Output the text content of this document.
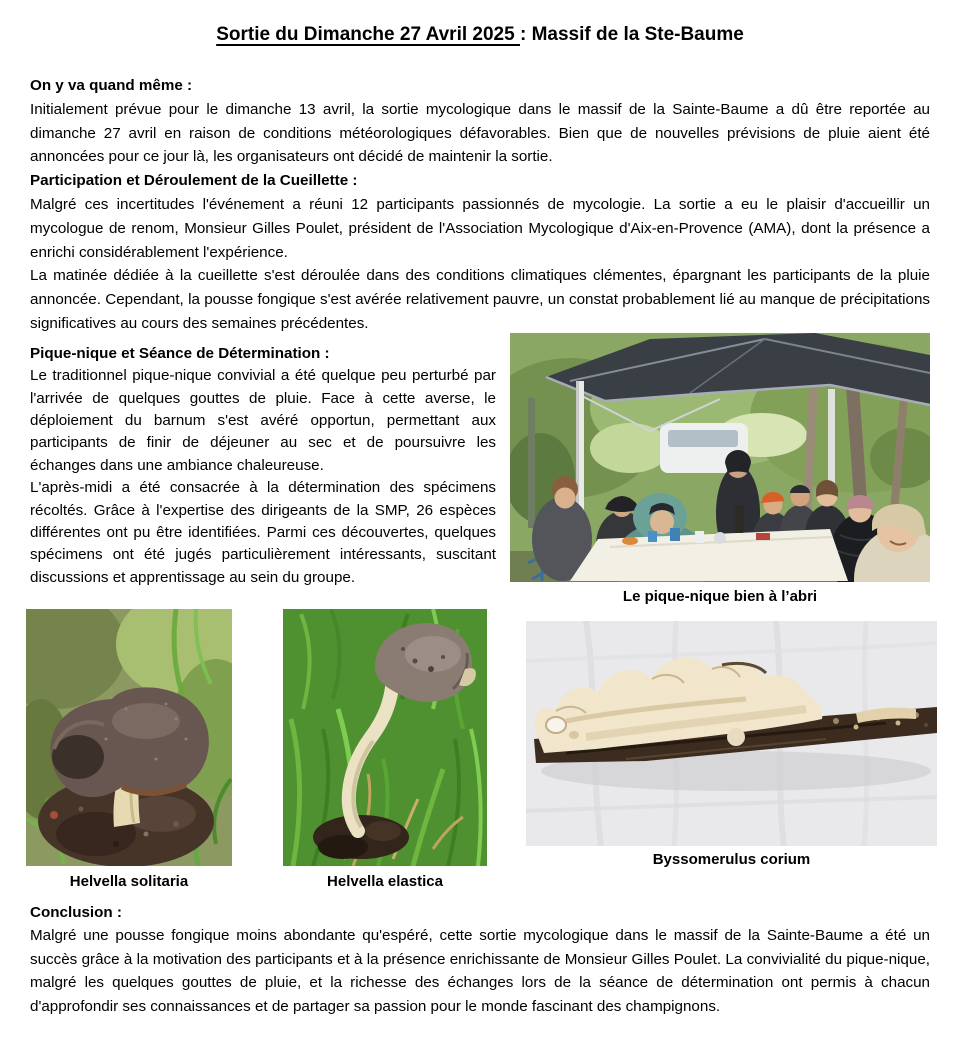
Sortie du Dimanche 27 Avril 2025 : Massif de la Ste-Baume
On y va quand même :

Initialement prévue pour le dimanche 13 avril, la sortie mycologique dans le massif de la Sainte-Baume a dû être reportée au dimanche 27 avril en raison de conditions météorologiques défavorables. Bien que de nouvelles prévisions de pluie aient été annoncées pour ce jour là, les organisateurs ont décidé de maintenir la sortie.

Participation et Déroulement de la Cueillette :

Malgré ces incertitudes l'événement a réuni 12 participants passionnés de mycologie. La sortie a eu le plaisir d'accueillir un mycologue de renom, Monsieur Gilles Poulet, président de l'Association Mycologique d'Aix-en-Provence (AMA), dont la présence a enrichi considérablement l'expérience.

La matinée dédiée à la cueillette s'est déroulée dans des conditions climatiques clémentes, épargnant les participants de la pluie annoncée. Cependant, la pousse fongique s'est avérée relativement pauvre, un constat probablement lié au manque de précipitations significatives au cours des semaines précédentes.

Le pique-nique bien à l’abri
Pique-nique et Séance de Détermination :

Le traditionnel pique-nique convivial a été quelque peu perturbé par l'arrivée de quelques gouttes de pluie. Face à cette averse, le déploiement du barnum s'est avéré opportun, permettant aux participants de finir de déjeuner au sec et de poursuivre les échanges dans une ambiance chaleureuse.

L'après-midi a été consacrée à la détermination des spécimens récoltés. Grâce à l'expertise des dirigeants de la SMP, 26 espèces différentes ont pu être identifiées. Parmi ces découvertes, quelques spécimens ont été jugés particulièrement intéressants, suscitant discussions et apprentissage au sein du groupe.

Helvella solitaria	Helvella elastica
Byssomerulus corium
Conclusion :

Malgré une pousse fongique moins abondante qu'espéré, cette sortie mycologique dans le massif de la Sainte-Baume a été un succès grâce à la motivation des participants et à la présence enrichissante de Monsieur Gilles Poulet. La convivialité du pique-nique, malgré les quelques gouttes de pluie, et la richesse des échanges lors de la séance de détermination ont permis à chacun d'approfondir ses connaissances et de partager sa passion pour le monde fascinant des champignons.
